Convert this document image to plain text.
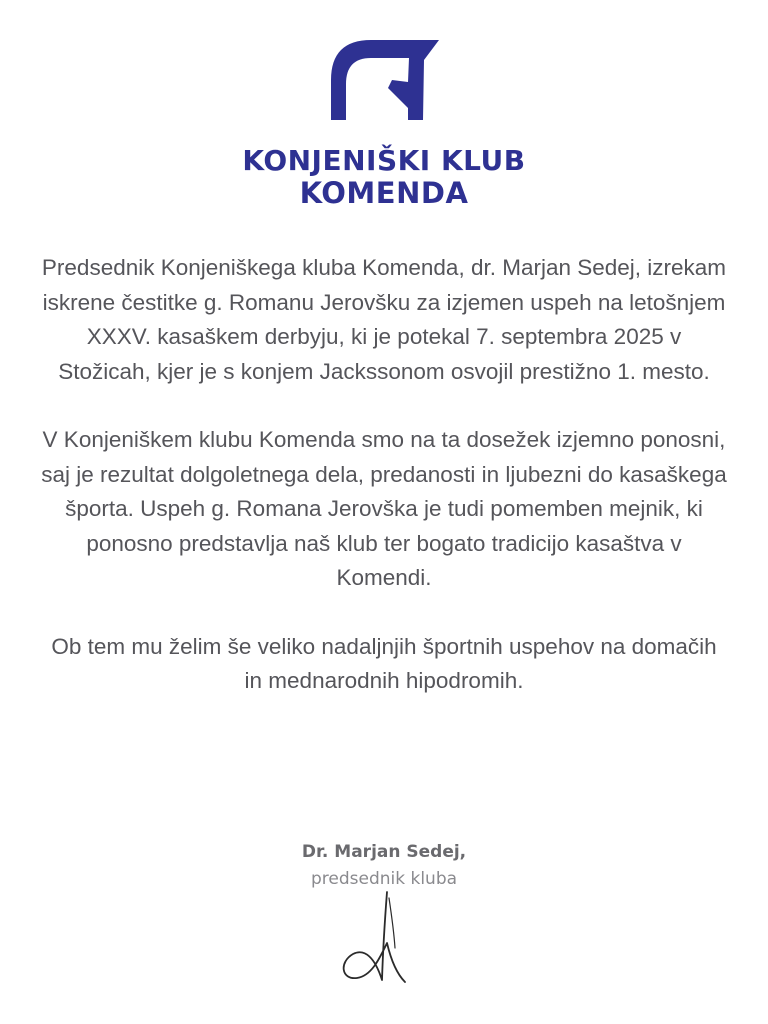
KONJENIŠKI KLUB
KOMENDA

Predsednik Konjeniškega kluba Komenda, dr. Marjan Sedej, izrekam iskrene čestitke g. Romanu Jerovšku za izjemen uspeh na letošnjem XXXV. kasaškem derbyju, ki je potekal 7. septembra 2025 v Stožicah, kjer je s konjem Jackssonom osvojil prestižno 1. mesto.

V Konjeniškem klubu Komenda smo na ta dosežek izjemno ponosni, saj je rezultat dolgoletnega dela, predanosti in ljubezni do kasaškega športa. Uspeh g. Romana Jerovška je tudi pomemben mejnik, ki ponosno predstavlja naš klub ter bogato tradicijo kasaštva v Komendi.

Ob tem mu želim še veliko nadaljnjih športnih uspehov na domačih in mednarodnih hipodromih.

Dr. Marjan Sedej,
predsednik kluba
